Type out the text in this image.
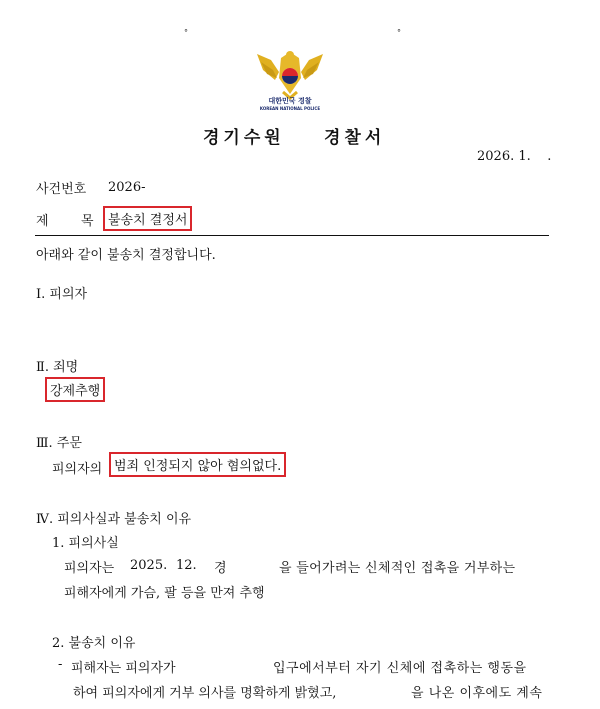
°	°
대한민국 경찰
KOREAN NATIONAL POLICE
경기수원 경찰서
2026. 1.    .
사건번호 2026-
제 목	불송치 결정서
아래와 같이 불송치 결정합니다.
Ⅰ. 피의자
Ⅱ. 죄명
강제추행
Ⅲ. 주문
피의자의 범죄 인정되지 않아 혐의없다.
Ⅳ. 피의사실과 불송치 이유
1. 피의사실
피의자는 2025. 12. 경	을 들어가려는 신체적인 접촉을 거부하는
피해자에게 가슴, 팔 등을 만져 추행
2. 불송치 이유
- 피해자는 피의자가	입구에서부터 자기 신체에 접촉하는 행동을
하여 피의자에게 거부 의사를 명확하게 밝혔고,	을 나온 이후에도 계속
